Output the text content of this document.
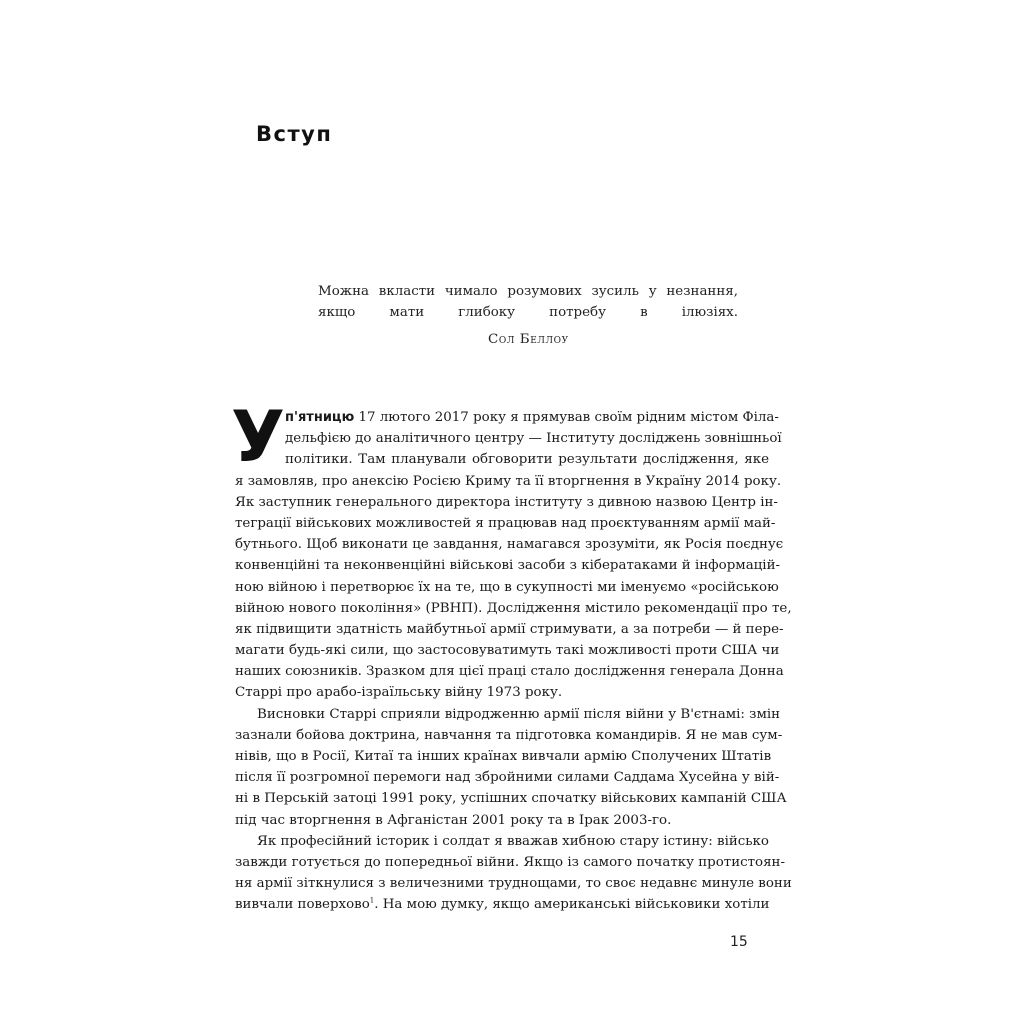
Вступ
Можна вкласти чимало розумових зусиль у незнання,
якщо мати глибоку потребу в ілюзіях.
Сол Беллоу
У п'ятницю 17 лютого 2017 року я прямував своїм рідним містом Філа-
дельфією до аналітичного центру — Інституту досліджень зовнішньої
політики. Там планували обговорити результати дослідження, яке
я замовляв, про анексію Росією Криму та її вторгнення в Україну 2014 року.
Як заступник генерального директора інституту з дивною назвою Центр ін-
теграції військових можливостей я працював над проєктуванням армії май-
бутнього. Щоб виконати це завдання, намагався зрозуміти, як Росія поєднує
конвенційні та неконвенційні військові засоби з кібератаками й інформацій-
ною війною і перетворює їх на те, що в сукупності ми іменуємо «російською
війною нового покоління» (РВНП). Дослідження містило рекомендації про те,
як підвищити здатність майбутньої армії стримувати, а за потреби — й пере-
магати будь-які сили, що застосовуватимуть такі можливості проти США чи
наших союзників. Зразком для цієї праці стало дослідження генерала Донна
Старрі про арабо-ізраїльську війну 1973 року.
Висновки Старрі сприяли відродженню армії після війни у В'єтнамі: змін
зазнали бойова доктрина, навчання та підготовка командирів. Я не мав сум-
нівів, що в Росії, Китаї та інших країнах вивчали армію Сполучених Штатів
після її розгромної перемоги над збройними силами Саддама Хусейна у вій-
ні в Перській затоці 1991 року, успішних спочатку військових кампаній США
під час вторгнення в Афганістан 2001 року та в Ірак 2003-го.
Як професійний історик і солдат я вважав хибною стару істину: військо
завжди готується до попередньої війни. Якщо із самого початку протистоян-
ня армії зіткнулися з величезними труднощами, то своє недавнє минуле вони
вивчали поверхово$^1$. На мою думку, якщо американські військовики хотіли
15
